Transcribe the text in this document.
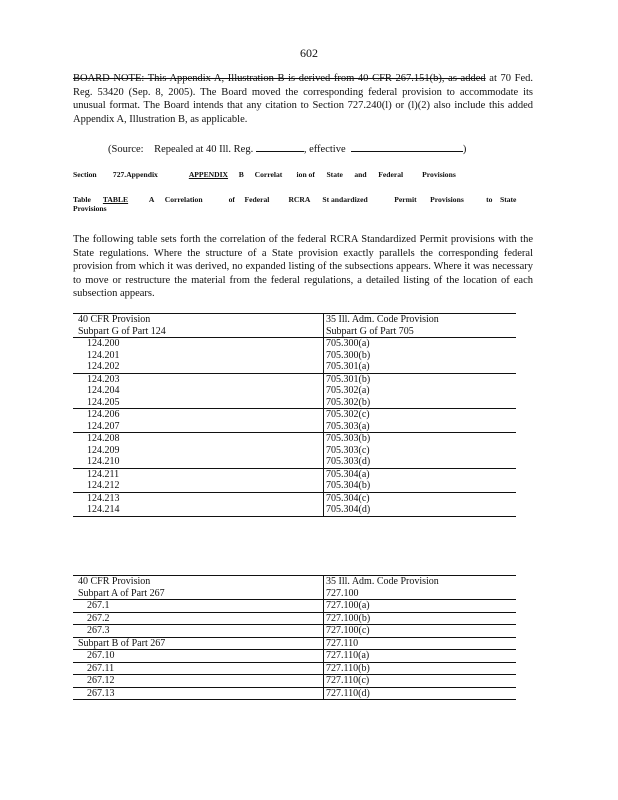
602
BOARD NOTE: This Appendix A, Illustration B is derived from 40 CFR 267.151(b), as added at 70 Fed. Reg. 53420 (Sep. 8, 2005). The Board moved the corresponding federal provision to accommodate its unusual format. The Board intends that any citation to Section 727.240(l) or (l)(2) also include this added Appendix A, Illustration B, as applicable.
(Source: Repealed at 40 Ill. Reg.	, effective	)
Section 727.Appendix	APPENDIX B Correlat ion of State and Federal	Provisions
Table TABLE	A Correlation	of Federal	RCRA St andardized	Permit Provisions	to State
Provisions
The following table sets forth the correlation of the federal RCRA Standardized Permit provisions with the State regulations. Where the structure of a State provision exactly parallels the corresponding federal provision from which it was derived, no expanded listing of the subsections appears. Where it was necessary to move or restructure the material from the federal regulations, a detailed listing of the location of each subsection appears.
40 CFR Provision	35 Ill. Adm. Code Provision
Subpart G of Part 124	Subpart G of Part 705
124.200	705.300(a)
124.201	705.300(b)
124.202	705.301(a)
124.203	705.301(b)
124.204	705.302(a)
124.205	705.302(b)
124.206	705.302(c)
124.207	705.303(a)
124.208	705.303(b)
124.209	705.303(c)
124.210	705.303(d)
124.211	705.304(a)
124.212	705.304(b)
124.213	705.304(c)
124.214	705.304(d)
40 CFR Provision	35 Ill. Adm. Code Provision
Subpart A of Part 267	727.100
267.1	727.100(a)
267.2	727.100(b)
267.3	727.100(c)
Subpart B of Part 267	727.110
267.10	727.110(a)
267.11	727.110(b)
267.12	727.110(c)
267.13	727.110(d)
